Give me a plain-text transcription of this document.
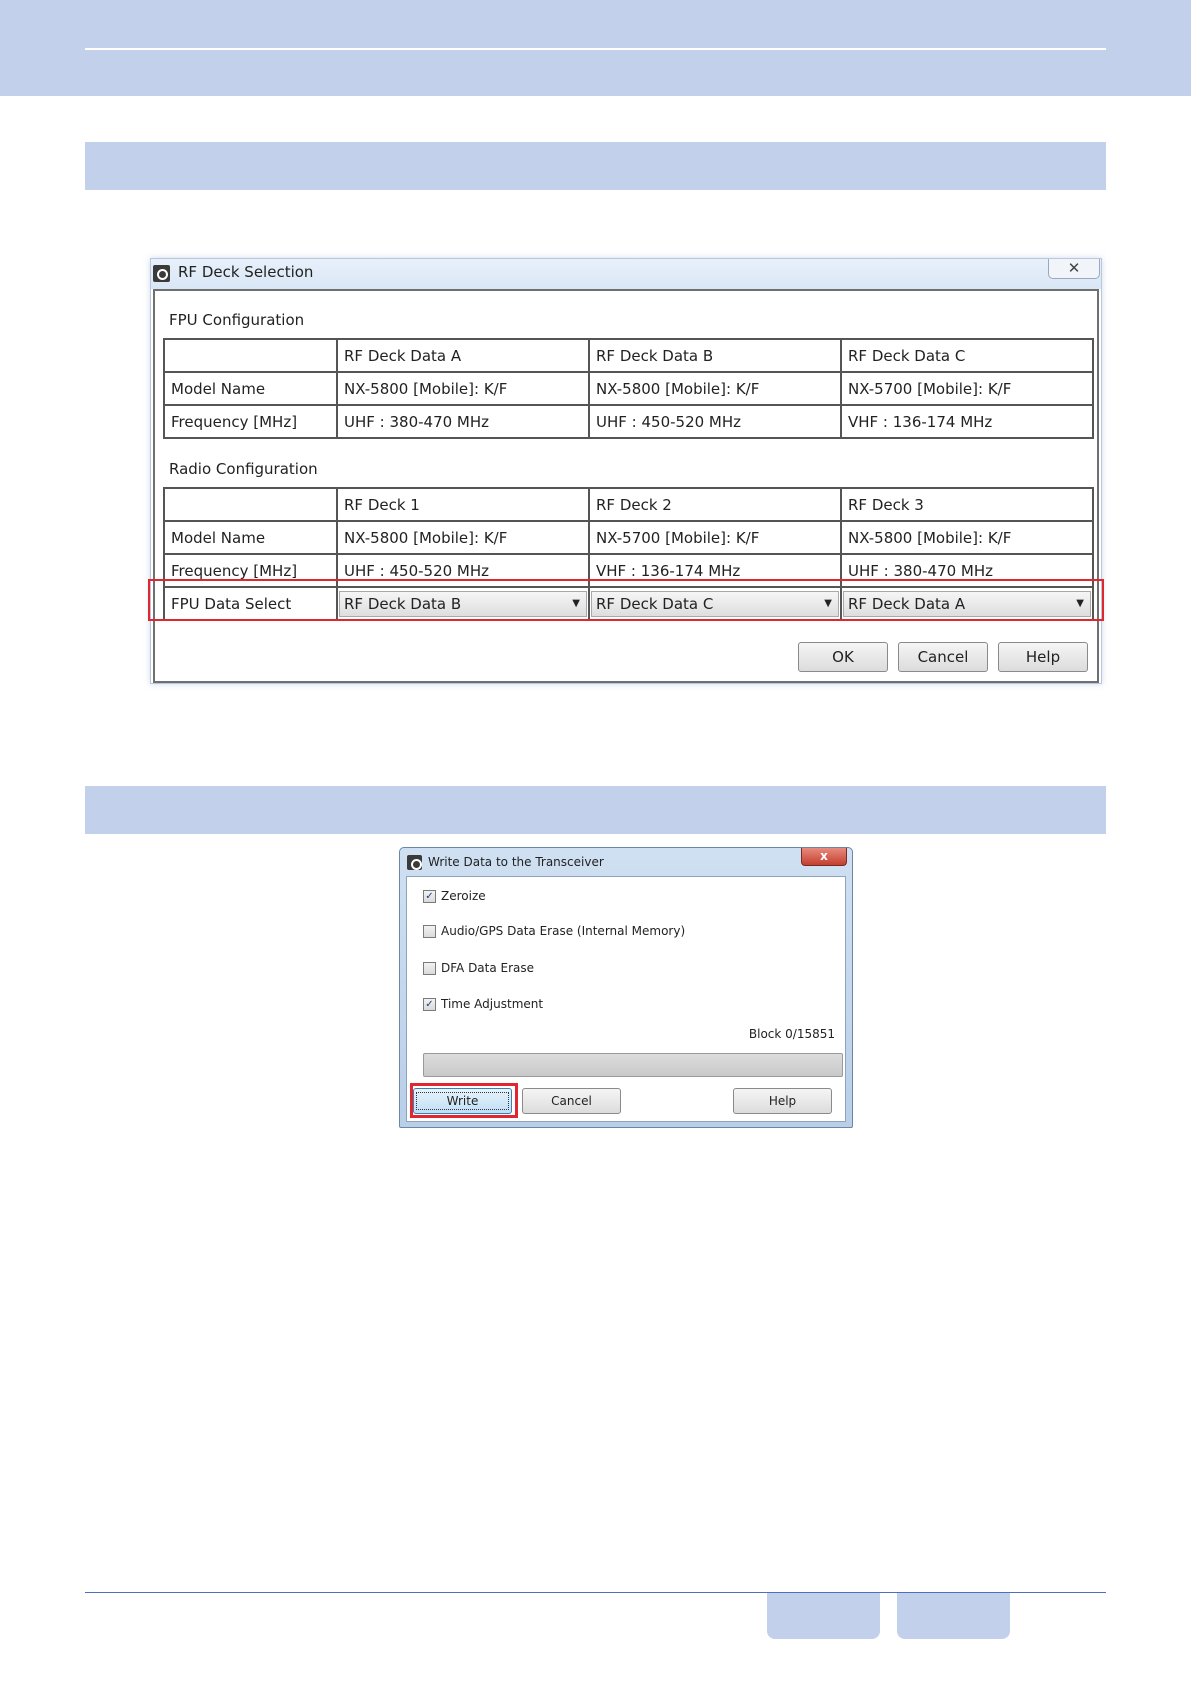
RF Deck Selection	✕
FPU Configuration
	RF Deck Data A	RF Deck Data B	RF Deck Data C
Model Name	NX-5800 [Mobile]: K/F	NX-5800 [Mobile]: K/F	NX-5700 [Mobile]: K/F
Frequency [MHz]	UHF : 380-470 MHz	UHF : 450-520 MHz	VHF : 136-174 MHz
Radio Configuration
	RF Deck 1	RF Deck 2	RF Deck 3
Model Name	NX-5800 [Mobile]: K/F	NX-5700 [Mobile]: K/F	NX-5800 [Mobile]: K/F
Frequency [MHz]	UHF : 450-520 MHz	VHF : 136-174 MHz	UHF : 380-470 MHz
FPU Data Select	RF Deck Data B ▼	RF Deck Data C ▼	RF Deck Data A ▼
OK	Cancel	Help
Write Data to the Transceiver	x
✓ Zeroize
Audio/GPS Data Erase (Internal Memory)
DFA Data Erase
✓ Time Adjustment
Block 0/15851
Write	Cancel	Help
